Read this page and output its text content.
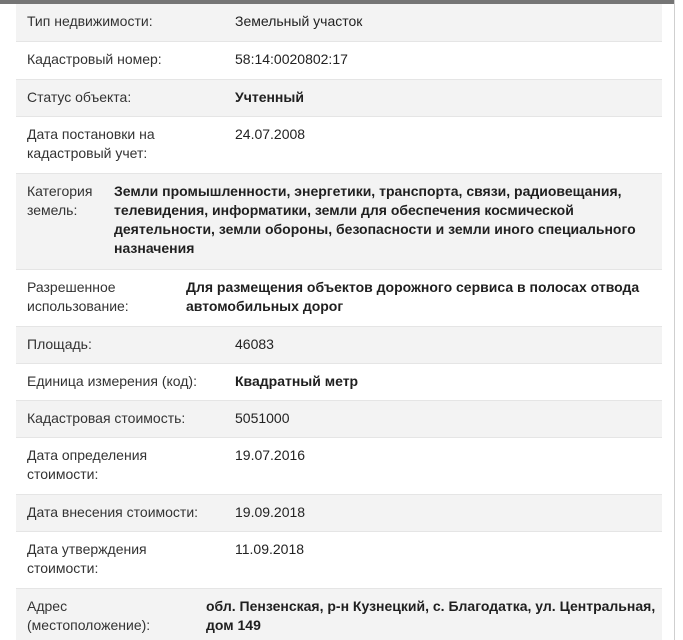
Тип недвижимости:	Земельный участок
Кадастровый номер:	58:14:0020802:17
Статус объекта:	Учтенный
Дата постановки на кадастровый учет:
24.07.2008
Категория земель:
Земли промышленности, энергетики, транспорта, связи, радиовещания, телевидения, информатики, земли для обеспечения космической деятельности, земли обороны, безопасности и земли иного специального назначения
Разрешенное использование:
Для размещения объектов дорожного сервиса в полосах отвода автомобильных дорог
Площадь:	46083
Единица измерения (код):	Квадратный метр
Кадастровая стоимость:	5051000
Дата определения стоимости:
19.07.2016
Дата внесения стоимости:	19.09.2018
Дата утверждения стоимости:
11.09.2018
Адрес (местоположение):
обл. Пензенская, р-н Кузнецкий, с. Благодатка, ул. Центральная, дом 149
